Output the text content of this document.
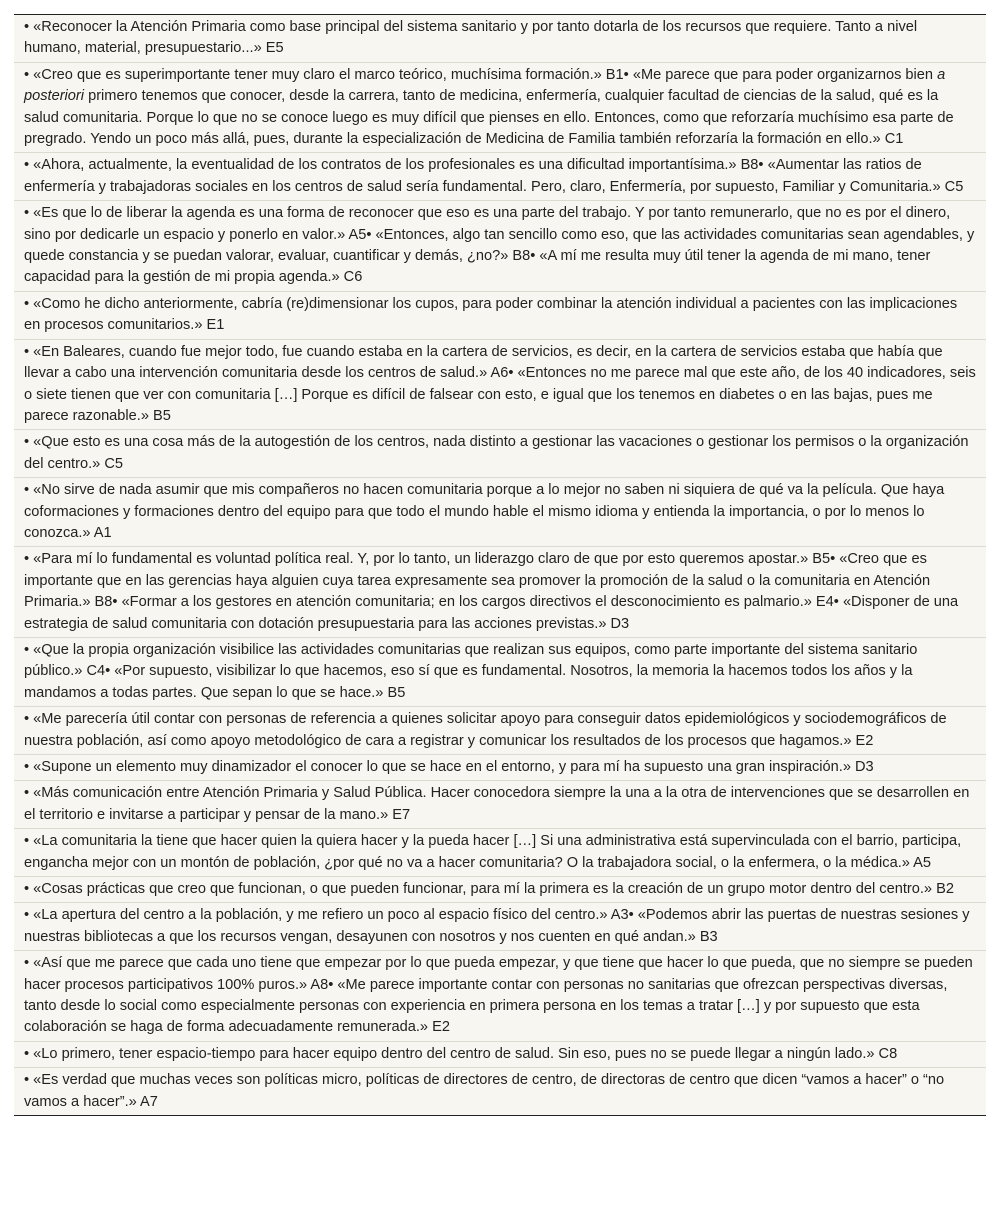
• «Reconocer la Atención Primaria como base principal del sistema sanitario y por tanto dotarla de los recursos que requiere. Tanto a nivel humano, material, presupuestario...» E5
• «Creo que es superimportante tener muy claro el marco teórico, muchísima formación.» B1• «Me parece que para poder organizarnos bien a posteriori primero tenemos que conocer, desde la carrera, tanto de medicina, enfermería, cualquier facultad de ciencias de la salud, qué es la salud comunitaria. Porque lo que no se conoce luego es muy difícil que pienses en ello. Entonces, como que reforzaría muchísimo esa parte de pregrado. Yendo un poco más allá, pues, durante la especialización de Medicina de Familia también reforzaría la formación en ello.» C1
• «Ahora, actualmente, la eventualidad de los contratos de los profesionales es una dificultad importantísima.» B8• «Aumentar las ratios de enfermería y trabajadoras sociales en los centros de salud sería fundamental. Pero, claro, Enfermería, por supuesto, Familiar y Comunitaria.» C5
• «Es que lo de liberar la agenda es una forma de reconocer que eso es una parte del trabajo. Y por tanto remunerarlo, que no es por el dinero, sino por dedicarle un espacio y ponerlo en valor.» A5• «Entonces, algo tan sencillo como eso, que las actividades comunitarias sean agendables, y quede constancia y se puedan valorar, evaluar, cuantificar y demás, ¿no?» B8• «A mí me resulta muy útil tener la agenda de mi mano, tener capacidad para la gestión de mi propia agenda.» C6
• «Como he dicho anteriormente, cabría (re)dimensionar los cupos, para poder combinar la atención individual a pacientes con las implicaciones en procesos comunitarios.» E1
• «En Baleares, cuando fue mejor todo, fue cuando estaba en la cartera de servicios, es decir, en la cartera de servicios estaba que había que llevar a cabo una intervención comunitaria desde los centros de salud.» A6• «Entonces no me parece mal que este año, de los 40 indicadores, seis o siete tienen que ver con comunitaria […] Porque es difícil de falsear con esto, e igual que los tenemos en diabetes o en las bajas, pues me parece razonable.» B5
• «Que esto es una cosa más de la autogestión de los centros, nada distinto a gestionar las vacaciones o gestionar los permisos o la organización del centro.» C5
• «No sirve de nada asumir que mis compañeros no hacen comunitaria porque a lo mejor no saben ni siquiera de qué va la película. Que haya coformaciones y formaciones dentro del equipo para que todo el mundo hable el mismo idioma y entienda la importancia, o por lo menos lo conozca.» A1
• «Para mí lo fundamental es voluntad política real. Y, por lo tanto, un liderazgo claro de que por esto queremos apostar.» B5• «Creo que es importante que en las gerencias haya alguien cuya tarea expresamente sea promover la promoción de la salud o la comunitaria en Atención Primaria.» B8• «Formar a los gestores en atención comunitaria; en los cargos directivos el desconocimiento es palmario.» E4• «Disponer de una estrategia de salud comunitaria con dotación presupuestaria para las acciones previstas.» D3
• «Que la propia organización visibilice las actividades comunitarias que realizan sus equipos, como parte importante del sistema sanitario público.» C4• «Por supuesto, visibilizar lo que hacemos, eso sí que es fundamental. Nosotros, la memoria la hacemos todos los años y la mandamos a todas partes. Que sepan lo que se hace.» B5
• «Me parecería útil contar con personas de referencia a quienes solicitar apoyo para conseguir datos epidemiológicos y sociodemográficos de nuestra población, así como apoyo metodológico de cara a registrar y comunicar los resultados de los procesos que hagamos.» E2
• «Supone un elemento muy dinamizador el conocer lo que se hace en el entorno, y para mí ha supuesto una gran inspiración.» D3
• «Más comunicación entre Atención Primaria y Salud Pública. Hacer conocedora siempre la una a la otra de intervenciones que se desarrollen en el territorio e invitarse a participar y pensar de la mano.» E7
• «La comunitaria la tiene que hacer quien la quiera hacer y la pueda hacer […] Si una administrativa está supervinculada con el barrio, participa, engancha mejor con un montón de población, ¿por qué no va a hacer comunitaria? O la trabajadora social, o la enfermera, o la médica.» A5
• «Cosas prácticas que creo que funcionan, o que pueden funcionar, para mí la primera es la creación de un grupo motor dentro del centro.» B2
• «La apertura del centro a la población, y me refiero un poco al espacio físico del centro.» A3• «Podemos abrir las puertas de nuestras sesiones y nuestras bibliotecas a que los recursos vengan, desayunen con nosotros y nos cuenten en qué andan.» B3
• «Así que me parece que cada uno tiene que empezar por lo que pueda empezar, y que tiene que hacer lo que pueda, que no siempre se pueden hacer procesos participativos 100% puros.» A8• «Me parece importante contar con personas no sanitarias que ofrezcan perspectivas diversas, tanto desde lo social como especialmente personas con experiencia en primera persona en los temas a tratar […] y por supuesto que esta colaboración se haga de forma adecuadamente remunerada.» E2
• «Lo primero, tener espacio-tiempo para hacer equipo dentro del centro de salud. Sin eso, pues no se puede llegar a ningún lado.» C8
• «Es verdad que muchas veces son políticas micro, políticas de directores de centro, de directoras de centro que dicen “vamos a hacer” o “no vamos a hacer”.» A7
